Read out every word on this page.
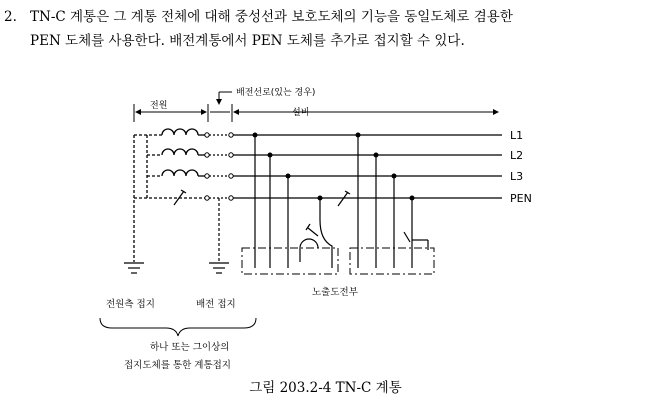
2. TN-C 계통은 그 계통 전체에 대해 중성선과 보호도체의 기능을 동일도체로 겸용한
PEN 도체를 사용한다. 배전계통에서 PEN 도체를 추가로 접지할 수 있다.
전원
배전선로(있는 경우)
설비
L1
L2
L3
PEN
전원측 접지	배전 접지
하나 또는 그이상의
접지도체를 통한 계통접지
노출도전부
그림 203.2-4 TN-C 계통
